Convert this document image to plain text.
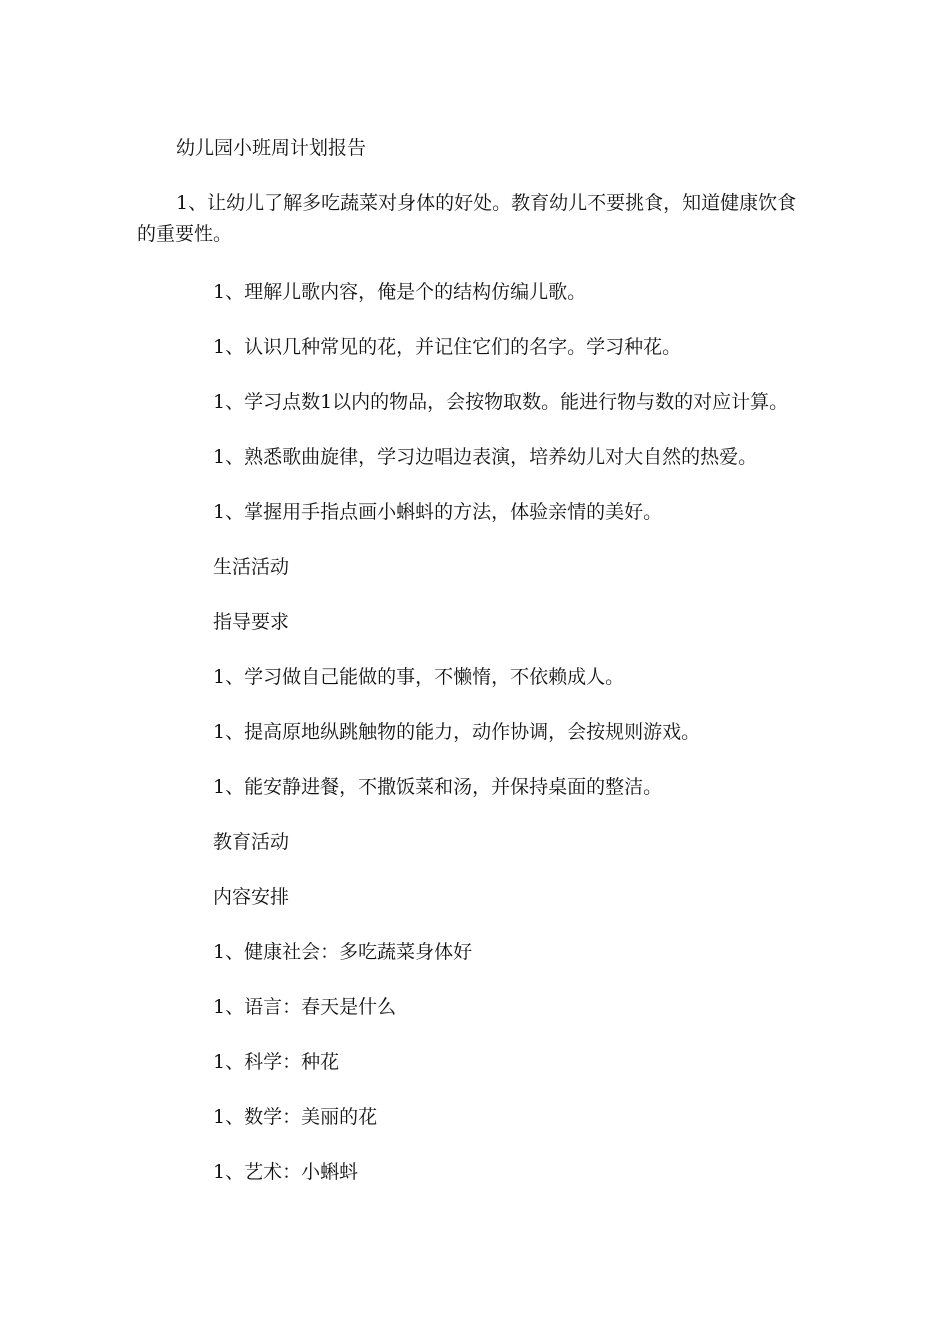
幼儿园小班周计划报告

1、让幼儿了解多吃蔬菜对身体的好处。教育幼儿不要挑食，知道健康饮食的重要性。

1、理解儿歌内容，俺是个的结构仿编儿歌。

1、认识几种常见的花，并记住它们的名字。学习种花。

1、学习点数1以内的物品，会按物取数。能进行物与数的对应计算。

1、熟悉歌曲旋律，学习边唱边表演，培养幼儿对大自然的热爱。

1、掌握用手指点画小蝌蚪的方法，体验亲情的美好。

生活活动

指导要求

1、学习做自己能做的事，不懒惰，不依赖成人。

1、提高原地纵跳触物的能力，动作协调，会按规则游戏。

1、能安静进餐，不撒饭菜和汤，并保持桌面的整洁。

教育活动

内容安排

1、健康社会：多吃蔬菜身体好

1、语言：春天是什么

1、科学：种花

1、数学：美丽的花

1、艺术：小蝌蚪
